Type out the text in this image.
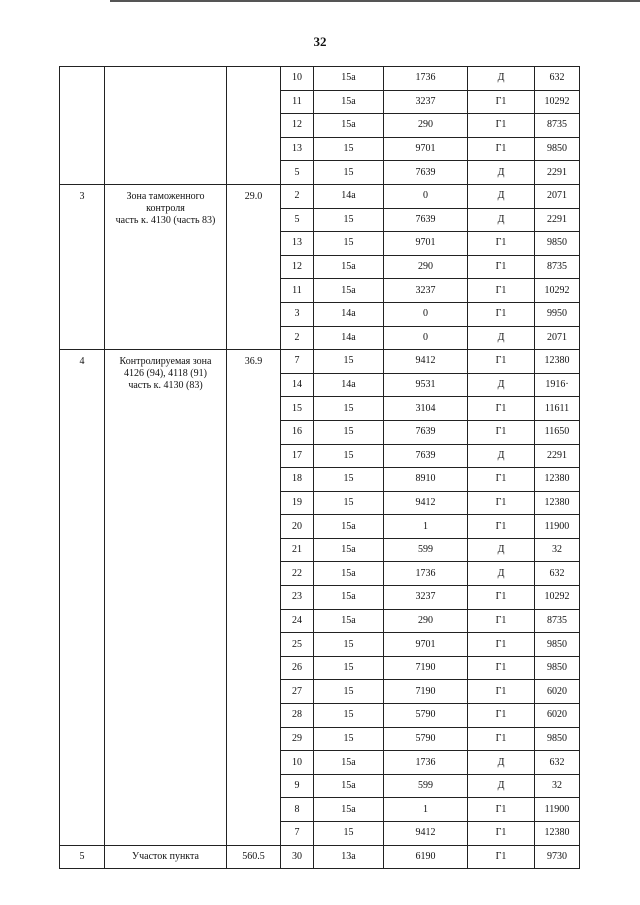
32
			10	15а	1736	Д	632
			11	15а	3237	Г1	10292
			12	15а	290	Г1	8735
			13	15	9701	Г1	9850
			5	15	7639	Д	2291
3	Зона таможенного
контроля
часть к. 4130 (часть 83)	29.0	2	14а	0	Д	2071
			5	15	7639	Д	2291
			13	15	9701	Г1	9850
			12	15а	290	Г1	8735
			11	15а	3237	Г1	10292
			3	14а	0	Г1	9950
			2	14а	0	Д	2071
4	Контролируемая зона
4126 (94), 4118 (91)
часть к. 4130 (83)	36.9	7	15	9412	Г1	12380
			14	14а	9531	Д	1916·
			15	15	3104	Г1	11611
			16	15	7639	Г1	11650
			17	15	7639	Д	2291
			18	15	8910	Г1	12380
			19	15	9412	Г1	12380
			20	15а	1	Г1	11900
			21	15а	599	Д	32
			22	15а	1736	Д	632
			23	15а	3237	Г1	10292
			24	15а	290	Г1	8735
			25	15	9701	Г1	9850
			26	15	7190	Г1	9850
			27	15	7190	Г1	6020
			28	15	5790	Г1	6020
			29	15	5790	Г1	9850
			10	15а	1736	Д	632
			9	15а	599	Д	32
			8	15а	1	Г1	11900
			7	15	9412	Г1	12380
5	Участок пункта	560.5	30	13а	6190	Г1	9730
